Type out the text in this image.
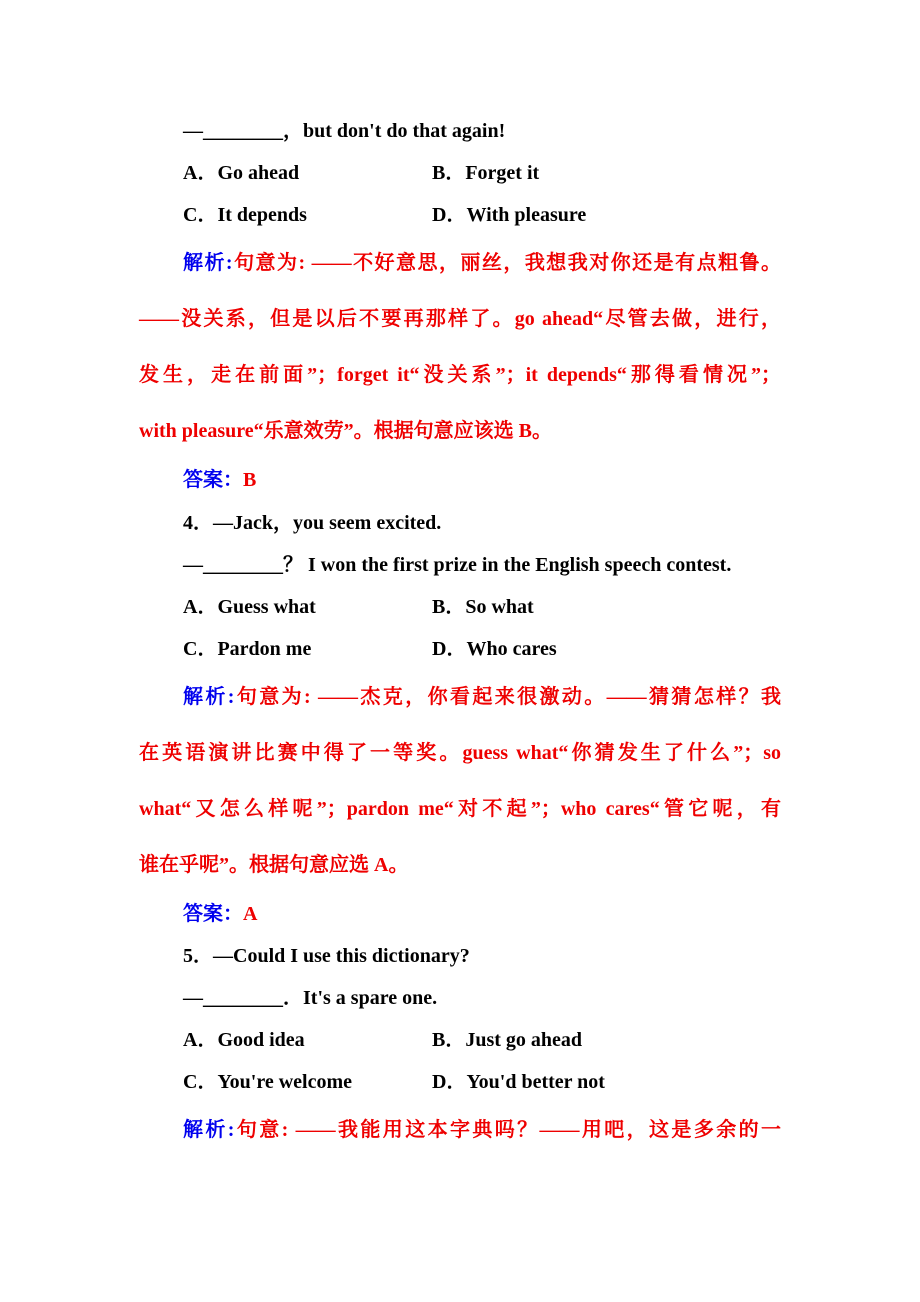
—________，but don't do that again!
A．Go ahead	B．Forget it
C．It depends	D．With pleasure
解析:句意为: ——不好意思，丽丝，我想我对你还是有点粗鲁。
——没关系，但是以后不要再那样了。go ahead“尽管去做，进行，
发生，走在前面”；forget it“没关系”；it depends“那得看情况”；
with pleasure“乐意效劳”。根据句意应该选 B。
答案：B
4．—Jack，you seem excited.
—________？ I won the first prize in the English speech contest.
A．Guess what	B．So what
C．Pardon me	D．Who cares
解析:句意为: ——杰克，你看起来很激动。——猜猜怎样？我
在英语演讲比赛中得了一等奖。guess what“你猜发生了什么”；so
what“又怎么样呢”；pardon me“对不起”；who cares“管它呢，有
谁在乎呢”。根据句意应选 A。
答案：A
5．—Could I use this dictionary?
—________．It's a spare one.
A．Good idea	B．Just go ahead
C．You're welcome	D．You'd better not
解析:句意: ——我能用这本字典吗？——用吧，这是多余的一
